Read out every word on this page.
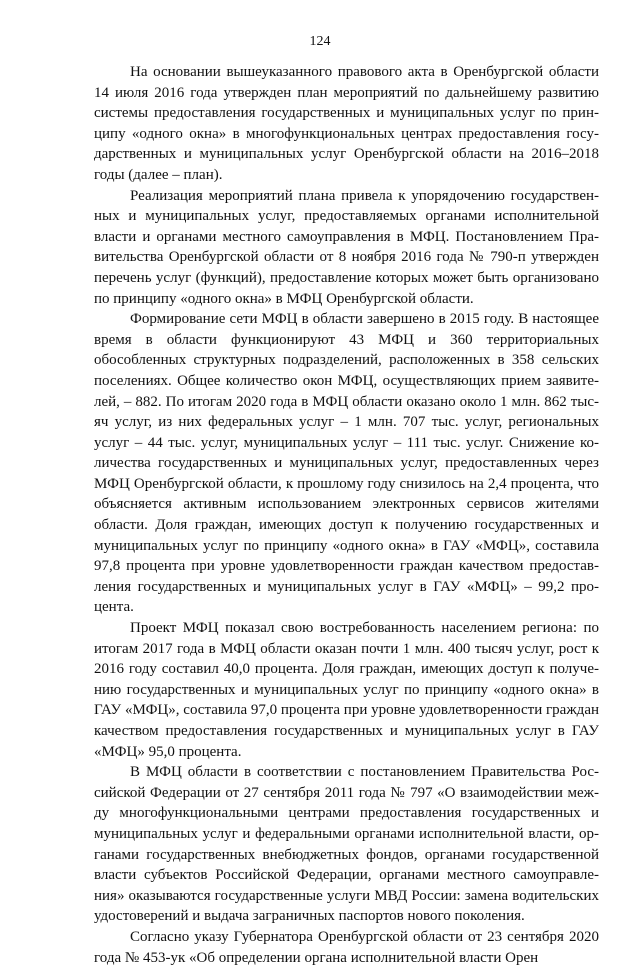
124

На основании вышеуказанного правового акта в Оренбургской области 14 июля 2016 года утвержден план мероприятий по дальнейшему развитию системы предоставления государственных и муниципальных услуг по принципу «одного окна» в многофункциональных центрах предоставления государственных и муниципальных услуг Оренбургской области на 2016–2018 годы (далее – план).

Реализация мероприятий плана привела к упорядочению государственных и муниципальных услуг, предоставляемых органами исполнительной власти и органами местного самоуправления в МФЦ. Постановлением Правительства Оренбургской области от 8 ноября 2016 года № 790-п утвержден перечень услуг (функций), предоставление которых может быть организовано по принципу «одного окна» в МФЦ Оренбургской области.

Формирование сети МФЦ в области завершено в 2015 году. В настоящее время в области функционируют 43 МФЦ и 360 территориальных обособленных структурных подразделений, расположенных в 358 сельских поселениях. Общее количество окон МФЦ, осуществляющих прием заявителей, – 882. По итогам 2020 года в МФЦ области оказано около 1 млн. 862 тысяч услуг, из них федеральных услуг – 1 млн. 707 тыс. услуг, региональных услуг – 44 тыс. услуг, муниципальных услуг – 111 тыс. услуг. Снижение количества государственных и муниципальных услуг, предоставленных через МФЦ Оренбургской области, к прошлому году снизилось на 2,4 процента, что объясняется активным использованием электронных сервисов жителями области. Доля граждан, имеющих доступ к получению государственных и муниципальных услуг по принципу «одного окна» в ГАУ «МФЦ», составила 97,8 процента при уровне удовлетворенности граждан качеством предоставления государственных и муниципальных услуг в ГАУ «МФЦ» – 99,2 процента.

Проект МФЦ показал свою востребованность населением региона: по итогам 2017 года в МФЦ области оказан почти 1 млн. 400 тысяч услуг, рост к 2016 году составил 40,0 процента. Доля граждан, имеющих доступ к получению государственных и муниципальных услуг по принципу «одного окна» в ГАУ «МФЦ», составила 97,0 процента при уровне удовлетворенности граждан качеством предоставления государственных и муниципальных услуг в ГАУ «МФЦ» 95,0 процента.

В МФЦ области в соответствии с постановлением Правительства Российской Федерации от 27 сентября 2011 года № 797 «О взаимодействии между многофункциональными центрами предоставления государственных и муниципальных услуг и федеральными органами исполнительной власти, органами государственных внебюджетных фондов, органами государственной власти субъектов Российской Федерации, органами местного самоуправления» оказываются государственные услуги МВД России: замена водительских удостоверений и выдача заграничных паспортов нового поколения.

Согласно указу Губернатора Оренбургской области от 23 сентября 2020 года № 453-ук «Об определении органа исполнительной власти Орен
